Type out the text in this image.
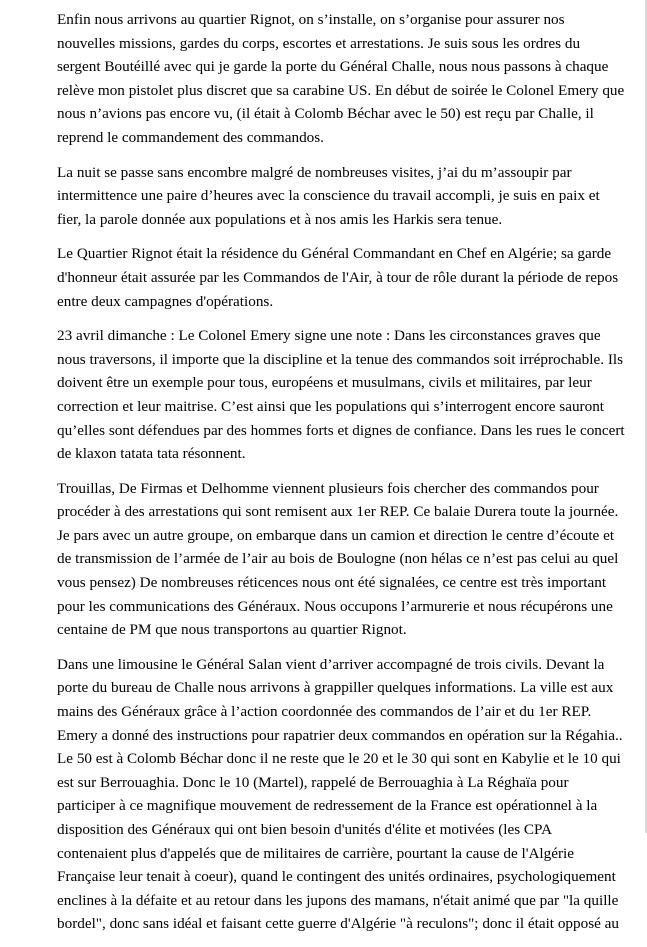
Enfin nous arrivons au quartier Rignot, on s’installe, on s’organise pour assurer nos
nouvelles missions, gardes du corps, escortes et arrestations. Je suis sous les ordres du
sergent Boutéillé avec qui je garde la porte du Général Challe, nous nous passons à chaque
relève mon pistolet plus discret que sa carabine US. En début de soirée le Colonel Emery que
nous n’avions pas encore vu, (il était à Colomb Béchar avec le 50) est reçu par Challe, il
reprend le commandement des commandos.

La nuit se passe sans encombre malgré de nombreuses visites, j’ai du m’assoupir par
intermittence une paire d’heures avec la conscience du travail accompli, je suis en paix et
fier, la parole donnée aux populations et à nos amis les Harkis sera tenue.

Le Quartier Rignot était la résidence du Général Commandant en Chef en Algérie; sa garde
d'honneur était assurée par les Commandos de l'Air, à tour de rôle durant la période de repos
entre deux campagnes d'opérations.

23 avril dimanche : Le Colonel Emery signe une note : Dans les circonstances graves que
nous traversons, il importe que la discipline et la tenue des commandos soit irréprochable. Ils
doivent être un exemple pour tous, européens et musulmans, civils et militaires, par leur
correction et leur maitrise. C’est ainsi que les populations qui s’interrogent encore sauront
qu’elles sont défendues par des hommes forts et dignes de confiance. Dans les rues le concert
de klaxon tatata tata résonnent.

Trouillas, De Firmas et Delhomme viennent plusieurs fois chercher des commandos pour
procéder à des arrestations qui sont remisent aux 1er REP. Ce balaie Durera toute la journée.
Je pars avec un autre groupe, on embarque dans un camion et direction le centre d’écoute et
de transmission de l’armée de l’air au bois de Boulogne (non hélas ce n’est pas celui au quel
vous pensez) De nombreuses réticences nous ont été signalées, ce centre est très important
pour les communications des Généraux. Nous occupons l’armurerie et nous récupérons une
centaine de PM que nous transportons au quartier Rignot.

Dans une limousine le Général Salan vient d’arriver accompagné de trois civils. Devant la
porte du bureau de Challe nous arrivons à grappiller quelques informations. La ville est aux
mains des Généraux grâce à l’action coordonnée des commandos de l’air et du 1er REP.
Emery a donné des instructions pour rapatrier deux commandos en opération sur la Régahia..
Le 50 est à Colomb Béchar donc il ne reste que le 20 et le 30 qui sont en Kabylie et le 10 qui
est sur Berrouaghia. Donc le 10 (Martel), rappelé de Berrouaghia à La Réghaïa pour
participer à ce magnifique mouvement de redressement de la France est opérationnel à la
disposition des Généraux qui ont bien besoin d'unités d'élite et motivées (les CPA
contenaient plus d'appelés que de militaires de carrière, pourtant la cause de l'Algérie
Française leur tenait à coeur), quand le contingent des unités ordinaires, psychologiquement
enclines à la défaite et au retour dans les jupons des mamans, n'était animé que par "la quille
bordel", donc sans idéal et faisant cette guerre d'Algérie "à reculons"; donc il était opposé au
